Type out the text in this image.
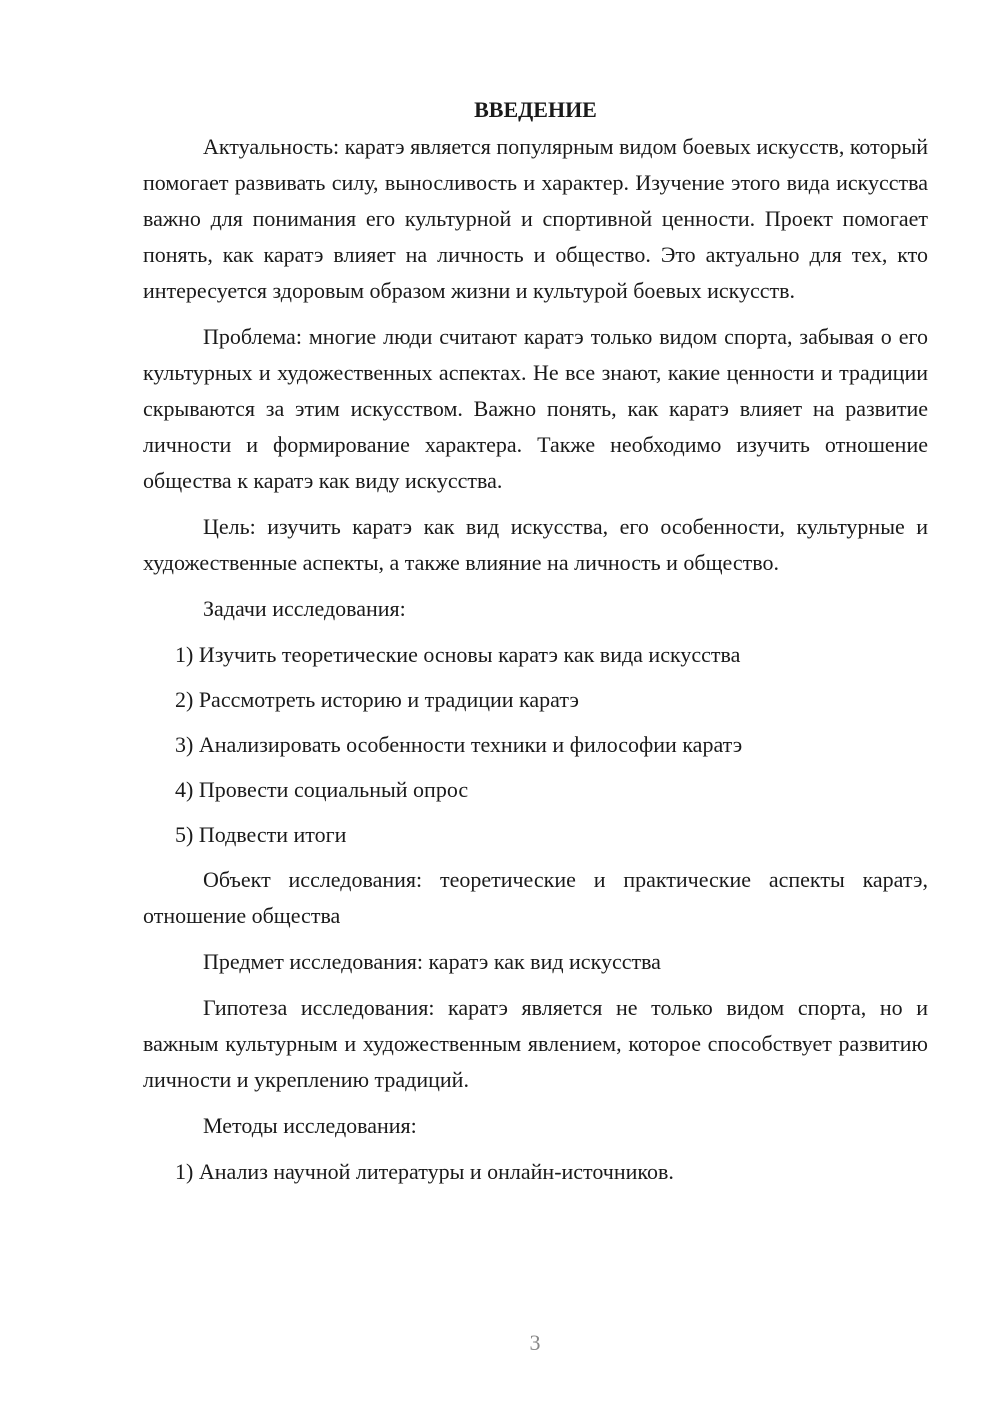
ВВЕДЕНИЕ

Актуальность: каратэ является популярным видом боевых искусств, который помогает развивать силу, выносливость и характер. Изучение этого вида искусства важно для понимания его культурной и спортивной ценности. Проект помогает понять, как каратэ влияет на личность и общество. Это актуально для тех, кто интересуется здоровым образом жизни и культурой боевых искусств.

Проблема: многие люди считают каратэ только видом спорта, забывая о его культурных и художественных аспектах. Не все знают, какие ценности и традиции скрываются за этим искусством. Важно понять, как каратэ влияет на развитие личности и формирование характера. Также необходимо изучить отношение общества к каратэ как виду искусства.

Цель: изучить каратэ как вид искусства, его особенности, культурные и художественные аспекты, а также влияние на личность и общество.

Задачи исследования:

1) Изучить теоретические основы каратэ как вида искусства

2) Рассмотреть историю и традиции каратэ

3) Анализировать особенности техники и философии каратэ

4) Провести социальный опрос

5) Подвести итоги

Объект исследования: теоретические и практические аспекты каратэ, отношение общества

Предмет исследования: каратэ как вид искусства

Гипотеза исследования: каратэ является не только видом спорта, но и важным культурным и художественным явлением, которое способствует развитию личности и укреплению традиций.

Методы исследования:

1) Анализ научной литературы и онлайн-источников.

3
